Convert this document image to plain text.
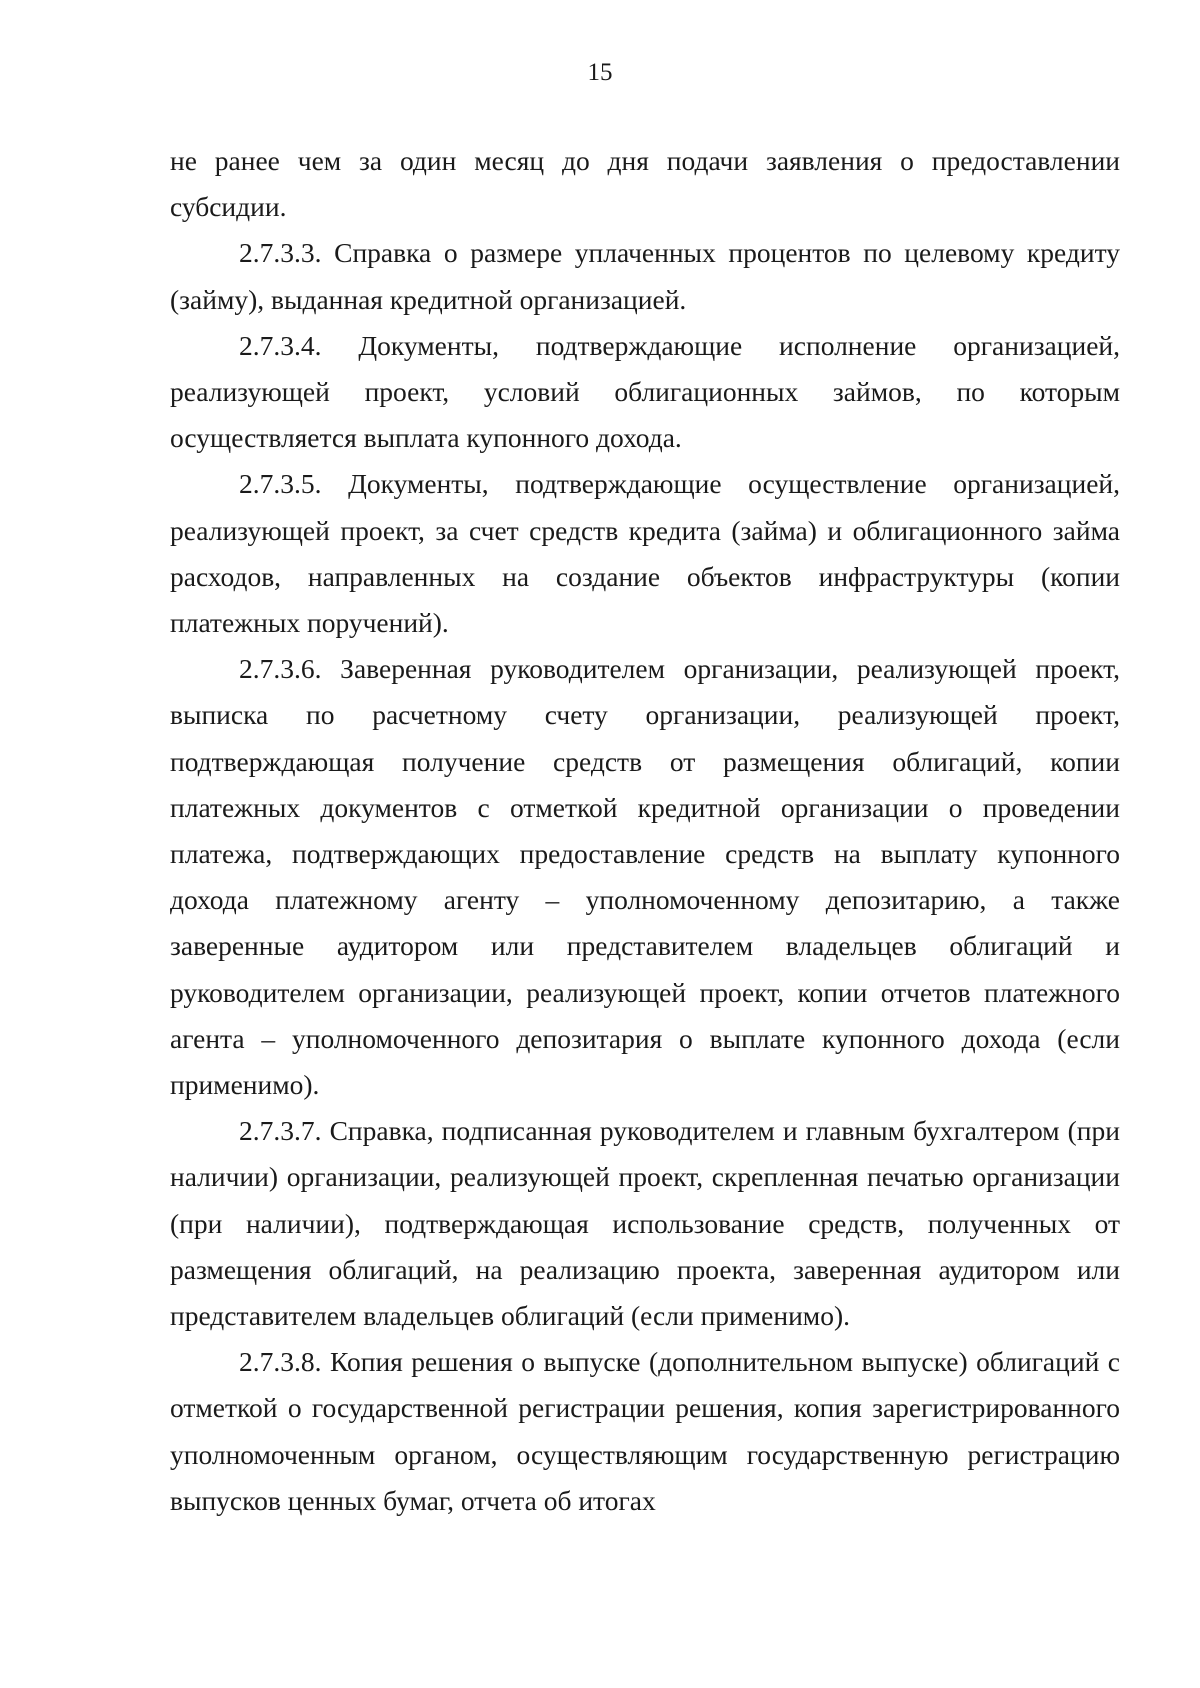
15

не ранее чем за один месяц до дня подачи заявления о предоставлении субсидии.

2.7.3.3. Справка о размере уплаченных процентов по целевому кредиту (займу), выданная кредитной организацией.

2.7.3.4. Документы, подтверждающие исполнение организацией, реализующей проект, условий облигационных займов, по которым осуществляется выплата купонного дохода.

2.7.3.5. Документы, подтверждающие осуществление организацией, реализующей проект, за счет средств кредита (займа) и облигационного займа расходов, направленных на создание объектов инфраструктуры (копии платежных поручений).

2.7.3.6. Заверенная руководителем организации, реализующей проект, выписка по расчетному счету организации, реализующей проект, подтверждающая получение средств от размещения облигаций, копии платежных документов с отметкой кредитной организации о проведении платежа, подтверждающих предоставление средств на выплату купонного дохода платежному агенту – уполномоченному депозитарию, а также заверенные аудитором или представителем владельцев облигаций и руководителем организации, реализующей проект, копии отчетов платежного агента – уполномоченного депозитария о выплате купонного дохода (если применимо).

2.7.3.7. Справка, подписанная руководителем и главным бухгалтером (при наличии) организации, реализующей проект, скрепленная печатью организации (при наличии), подтверждающая использование средств, полученных от размещения облигаций, на реализацию проекта, заверенная аудитором или представителем владельцев облигаций (если применимо).

2.7.3.8. Копия решения о выпуске (дополнительном выпуске) облигаций с отметкой о государственной регистрации решения, копия зарегистрированного уполномоченным органом, осуществляющим государственную регистрацию выпусков ценных бумаг, отчета об итогах
